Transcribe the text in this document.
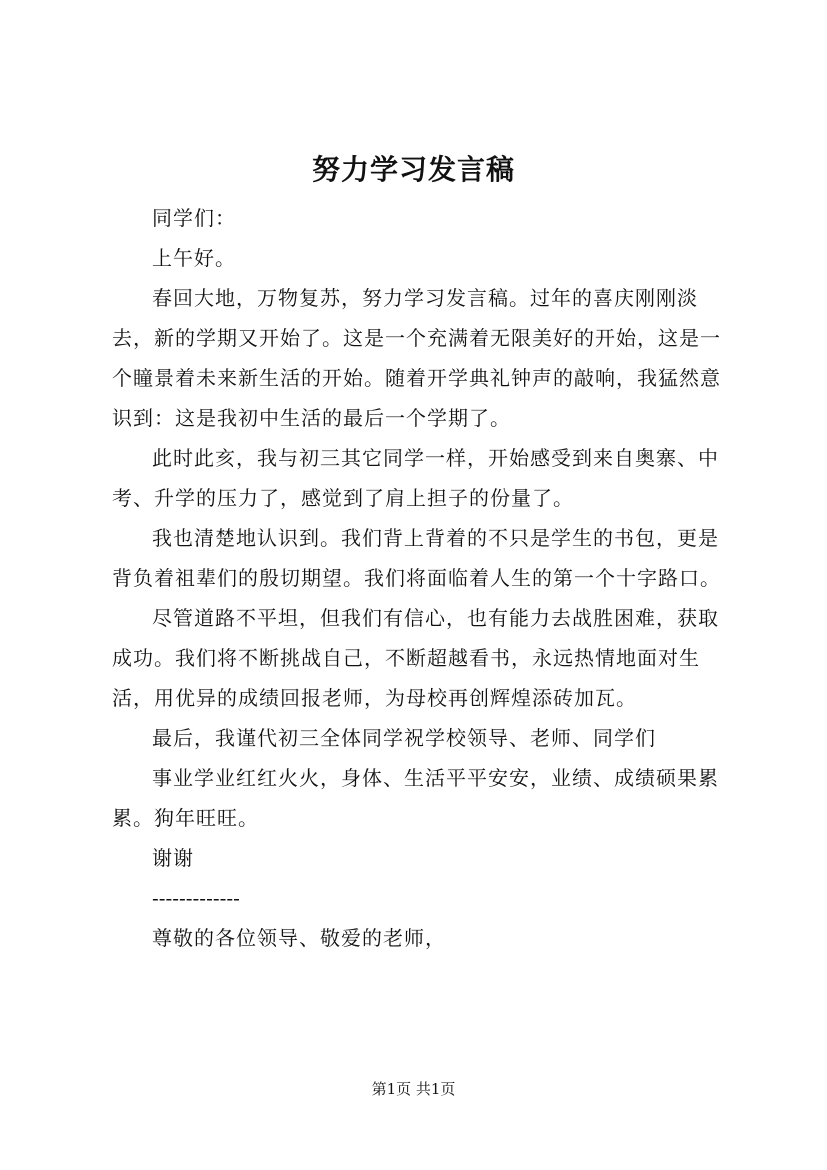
努力学习发言稿

同学们：

上午好。

春回大地，万物复苏，努力学习发言稿。过年的喜庆刚刚淡去，新的学期又开始了。这是一个充满着无限美好的开始，这是一个瞳景着未来新生活的开始。随着开学典礼钟声的敲响，我猛然意识到：这是我初中生活的最后一个学期了。

此时此亥，我与初三其它同学一样，开始感受到来自奥寨、中考、升学的压力了，感觉到了肩上担子的份量了。

我也清楚地认识到。我们背上背着的不只是学生的书包，更是背负着祖辈们的殷切期望。我们将面临着人生的第一个十字路口。

尽管道路不平坦，但我们有信心，也有能力去战胜困难，获取成功。我们将不断挑战自己，不断超越看书，永远热情地面对生活，用优异的成绩回报老师，为母校再创辉煌添砖加瓦。

最后，我谨代初三全体同学祝学校领导、老师、同学们

事业学业红红火火，身体、生活平平安安，业绩、成绩硕果累累。狗年旺旺。

谢谢

-------------

尊敬的各位领导、敬爱的老师，

第1页 共1页
